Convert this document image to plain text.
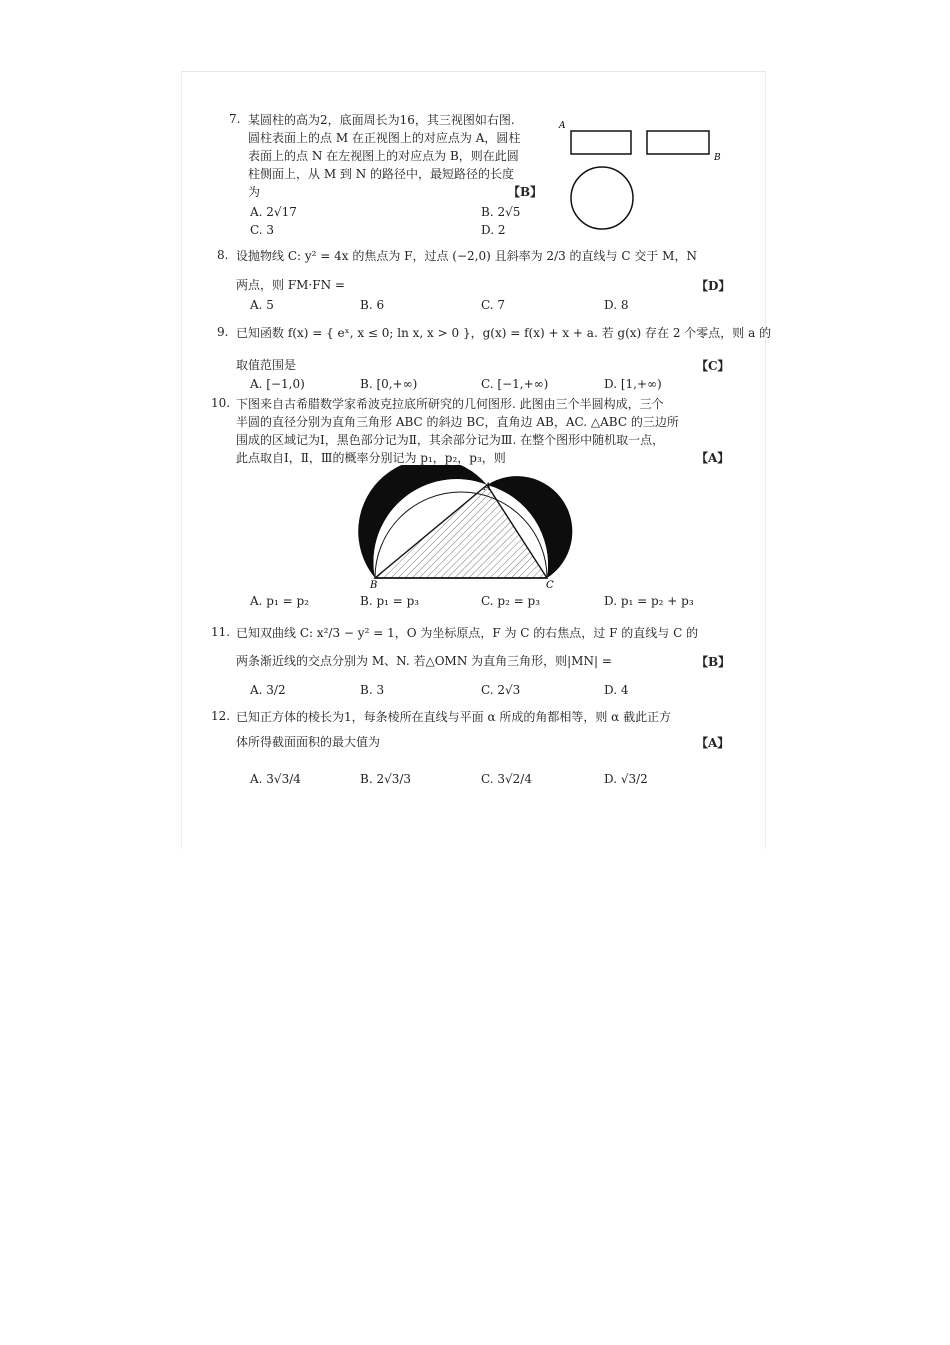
7. 某圆柱的高为2，底面周长为16，其三视图如右图.
圆柱表面上的点 M 在正视图上的对应点为 A，圆柱
表面上的点 N 在左视图上的对应点为 B，则在此圆
柱侧面上，从 M 到 N 的路径中，最短路径的长度
为	【B】
A. 2√17	B. 2√5
C. 3	D. 2
A
B
8. 设抛物线 C: y² = 4x 的焦点为 F，过点 (−2,0) 且斜率为 2/3 的直线与 C 交于 M，N
两点，则 FM·FN =	【D】
A. 5	B. 6	C. 7	D. 8
9. 已知函数 f(x) = { eˣ, x ≤ 0; ln x, x > 0 }，g(x) = f(x) + x + a. 若 g(x) 存在 2 个零点，则 a 的
取值范围是	【C】
A. [−1,0)	B. [0,+∞)	C. [−1,+∞)	D. [1,+∞)
10. 下图来自古希腊数学家希波克拉底所研究的几何图形. 此图由三个半圆构成，三个
半圆的直径分别为直角三角形 ABC 的斜边 BC，直角边 AB，AC. △ABC 的三边所
围成的区域记为Ⅰ，黑色部分记为Ⅱ，其余部分记为Ⅲ. 在整个图形中随机取一点，
此点取自Ⅰ，Ⅱ，Ⅲ的概率分别记为 p₁，p₂，p₃，则	【A】
A
B	C
A. p₁ = p₂	B. p₁ = p₃	C. p₂ = p₃	D. p₁ = p₂ + p₃
11. 已知双曲线 C: x²/3 − y² = 1，O 为坐标原点，F 为 C 的右焦点，过 F 的直线与 C 的
两条渐近线的交点分别为 M、N. 若△OMN 为直角三角形，则|MN| =	【B】
A. 3/2	B. 3	C. 2√3	D. 4
12. 已知正方体的棱长为1，每条棱所在直线与平面 α 所成的角都相等，则 α 截此正方
体所得截面面积的最大值为	【A】
A. 3√3/4	B. 2√3/3	C. 3√2/4	D. √3/2
